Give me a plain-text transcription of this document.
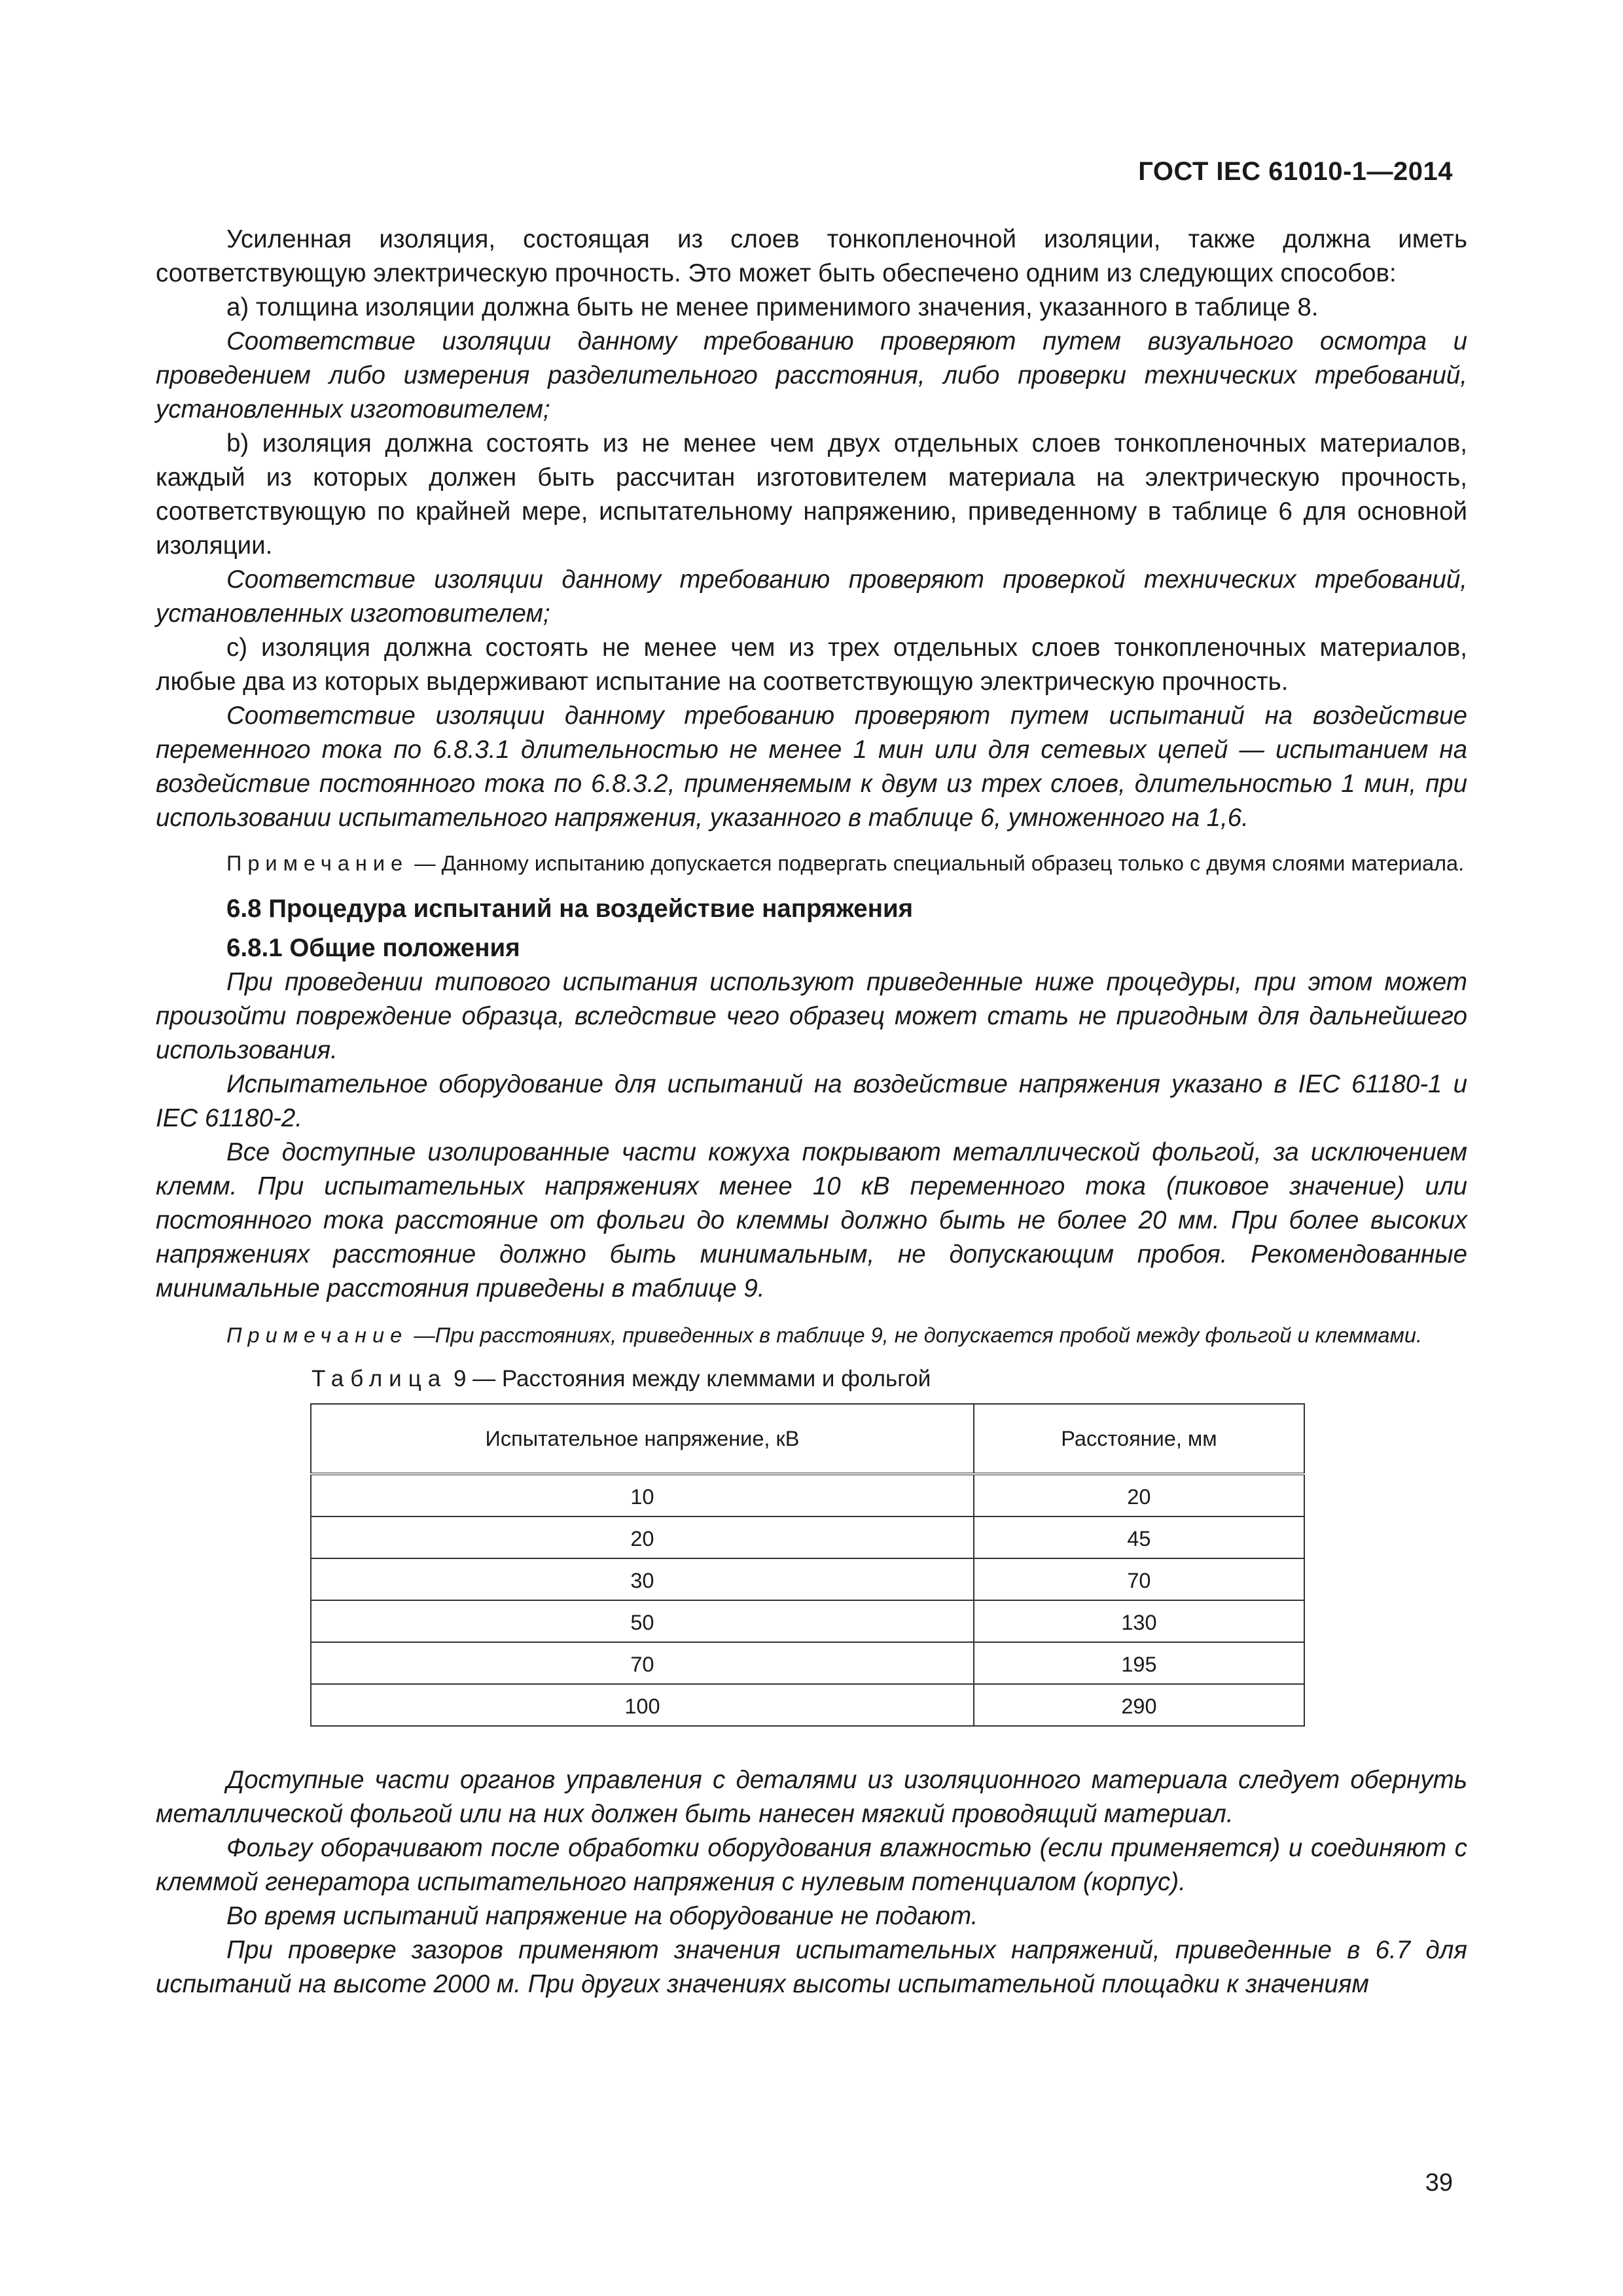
ГОСТ IEC 61010-1—2014

Усиленная изоляция, состоящая из слоев тонкопленочной изоляции, также должна иметь соответствующую электрическую прочность. Это может быть обеспечено одним из следующих способов:

a) толщина изоляции должна быть не менее применимого значения, указанного в таблице 8.

Соответствие изоляции данному требованию проверяют путем визуального осмотра и проведением либо измерения разделительного расстояния, либо проверки технических требований, установленных изготовителем;

b) изоляция должна состоять из не менее чем двух отдельных слоев тонкопленочных материалов, каждый из которых должен быть рассчитан изготовителем материала на электрическую прочность, соответствующую по крайней мере, испытательному напряжению, приведенному в таблице 6 для основной изоляции.

Соответствие изоляции данному требованию проверяют проверкой технических требований, установленных изготовителем;

c) изоляция должна состоять не менее чем из трех отдельных слоев тонкопленочных материалов, любые два из которых выдерживают испытание на соответствующую электрическую прочность.

Соответствие изоляции данному требованию проверяют путем испытаний на воздействие переменного тока по 6.8.3.1 длительностью не менее 1 мин или для сетевых цепей — испытанием на воздействие постоянного тока по 6.8.3.2, применяемым к двум из трех слоев, длительностью 1 мин, при использовании испытательного напряжения, указанного в таблице 6, умноженного на 1,6.

Примечание — Данному испытанию допускается подвергать специальный образец только с двумя слоями материала.

6.8 Процедура испытаний на воздействие напряжения

6.8.1 Общие положения

При проведении типового испытания используют приведенные ниже процедуры, при этом может произойти повреждение образца, вследствие чего образец может стать не пригодным для дальнейшего использования.

Испытательное оборудование для испытаний на воздействие напряжения указано в IEC 61180-1 и IEC 61180-2.

Все доступные изолированные части кожуха покрывают металлической фольгой, за исключением клемм. При испытательных напряжениях менее 10 кВ переменного тока (пиковое значение) или постоянного тока расстояние от фольги до клеммы должно быть не более 20 мм. При более высоких напряжениях расстояние должно быть минимальным, не допускающим пробоя. Рекомендованные минимальные расстояния приведены в таблице 9.

Примечание —При расстояниях, приведенных в таблице 9, не допускается пробой между фольгой и клеммами.

Таблица 9 — Расстояния между клеммами и фольгой
Испытательное напряжение, кВ	Расстояние, мм
10	20
20	45
30	70
50	130
70	195
100	290

Доступные части органов управления с деталями из изоляционного материала следует обернуть металлической фольгой или на них должен быть нанесен мягкий проводящий материал.

Фольгу оборачивают после обработки оборудования влажностью (если применяется) и соединяют с клеммой генератора испытательного напряжения с нулевым потенциалом (корпус).

Во время испытаний напряжение на оборудование не подают.

При проверке зазоров применяют значения испытательных напряжений, приведенные в 6.7 для испытаний на высоте 2000 м. При других значениях высоты испытательной площадки к значениям

39
